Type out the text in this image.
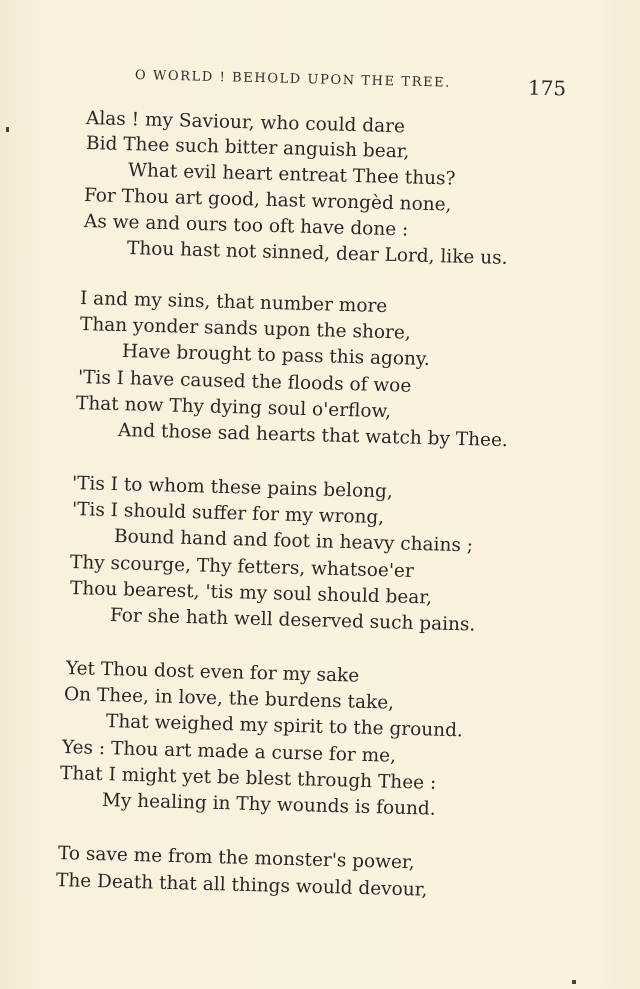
O WORLD ! BEHOLD UPON THE TREE.	175
Alas ! my Saviour, who could dare
Bid Thee such bitter anguish bear,
What evil heart entreat Thee thus?
For Thou art good, hast wrongèd none,
As we and ours too oft have done :
Thou hast not sinned, dear Lord, like us.
I and my sins, that number more
Than yonder sands upon the shore,
Have brought to pass this agony.
'Tis I have caused the floods of woe
That now Thy dying soul o'erflow,
And those sad hearts that watch by Thee.
'Tis I to whom these pains belong,
'Tis I should suffer for my wrong,
Bound hand and foot in heavy chains ;
Thy scourge, Thy fetters, whatsoe'er
Thou bearest, 'tis my soul should bear,
For she hath well deserved such pains.
Yet Thou dost even for my sake
On Thee, in love, the burdens take,
That weighed my spirit to the ground.
Yes : Thou art made a curse for me,
That I might yet be blest through Thee :
My healing in Thy wounds is found.
To save me from the monster's power,
The Death that all things would devour,
